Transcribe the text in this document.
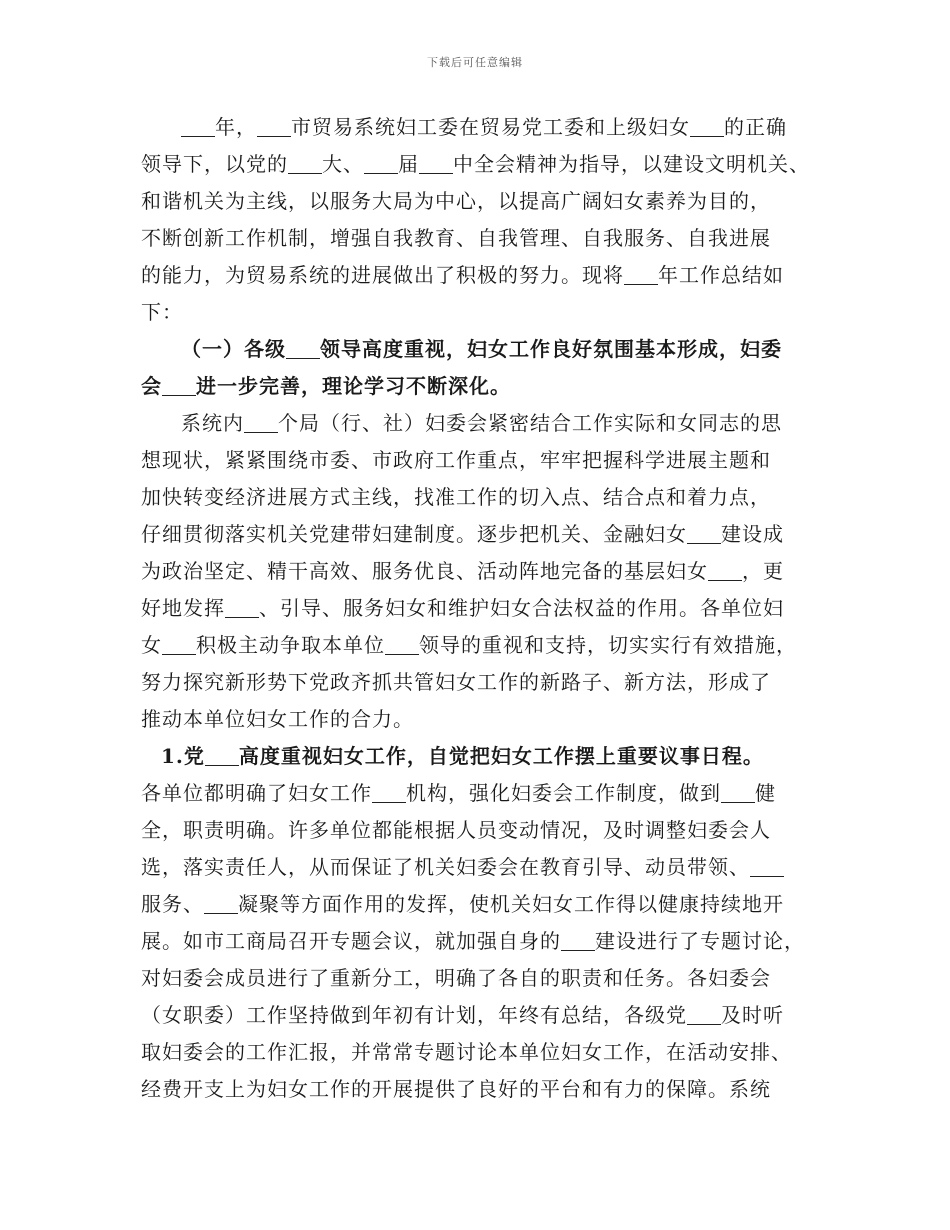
下载后可任意编辑
年， 市贸易系统妇工委在贸易党工委和上级妇女 的正确
领导下，以党的 大、 届 中全会精神为指导，以建设文明机关、
和谐机关为主线，以服务大局为中心，以提高广阔妇女素养为目的，
不断创新工作机制，增强自我教育、自我管理、自我服务、自我进展
的能力，为贸易系统的进展做出了积极的努力。现将 年工作总结如
下：
（一）各级 领导高度重视，妇女工作良好氛围基本形成，妇委
会 进一步完善，理论学习不断深化。
系统内 个局（行、社）妇委会紧密结合工作实际和女同志的思
想现状，紧紧围绕市委、市政府工作重点，牢牢把握科学进展主题和
加快转变经济进展方式主线，找准工作的切入点、结合点和着力点，
仔细贯彻落实机关党建带妇建制度。逐步把机关、金融妇女 建设成
为政治坚定、精干高效、服务优良、活动阵地完备的基层妇女 ，更
好地发挥 、引导、服务妇女和维护妇女合法权益的作用。各单位妇
女 积极主动争取本单位 领导的重视和支持，切实实行有效措施，
努力探究新形势下党政齐抓共管妇女工作的新路子、新方法，形成了
推动本单位妇女工作的合力。
1.党 高度重视妇女工作，自觉把妇女工作摆上重要议事日程。
各单位都明确了妇女工作 机构，强化妇委会工作制度，做到 健
全，职责明确。许多单位都能根据人员变动情况，及时调整妇委会人
选，落实责任人，从而保证了机关妇委会在教育引导、动员带领、
服务、 凝聚等方面作用的发挥，使机关妇女工作得以健康持续地开
展。如市工商局召开专题会议，就加强自身的 建设进行了专题讨论，
对妇委会成员进行了重新分工，明确了各自的职责和任务。各妇委会
（女职委）工作坚持做到年初有计划，年终有总结，各级党 及时听
取妇委会的工作汇报，并常常专题讨论本单位妇女工作，在活动安排、
经费开支上为妇女工作的开展提供了良好的平台和有力的保障。系统
